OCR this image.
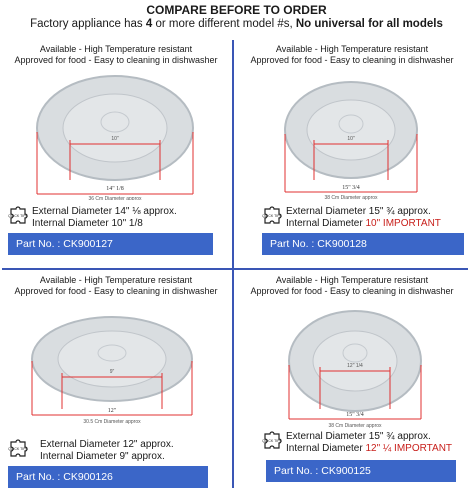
COMPARE BEFORE TO ORDER
Factory appliance has 4 or more different model #s, No universal for all models
Available - High Temperature resistant
Approved for food - Easy to cleaning in dishwasher
10"
14" 1/8
36 Cm Diameter approx
QUICK TIPS External Diameter 14" ⅛ approx.
Internal Diameter 10" 1/8
Part No. : CK900127
Available - High Temperature resistant
Approved for food - Easy to cleaning in dishwasher
10"
15" 3/4
38 Cm Diameter approx
QUICK TIPS External Diameter 15" ¾ approx.
Internal Diameter 10" IMPORTANT
Part No. : CK900128
Available - High Temperature resistant
Approved for food - Easy to cleaning in dishwasher
9"
12"
30.5 Cm Diameter approx
QUICK TIPS External Diameter 12" approx.
Internal Diameter 9" approx.
Part No. : CK900126
Available - High Temperature resistant
Approved for food - Easy to cleaning in dishwasher
12" 1/4
15" 3/4
38 Cm Diameter approx
QUICK TIPS External Diameter 15" ¾ approx.
Internal Diameter 12" ¼ IMPORTANT
Part No. : CK900125
